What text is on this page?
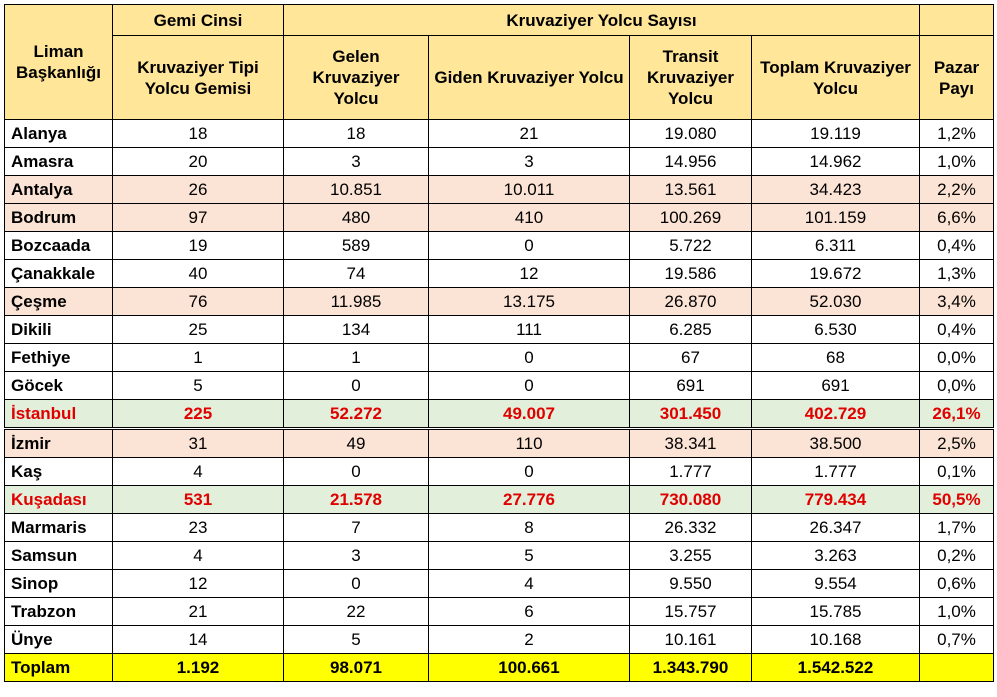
Liman Başkanlığı	Gemi Cinsi	Kruvaziyer Yolcu Sayısı				
	Kruvaziyer Tipi Yolcu Gemisi	Gelen Kruvaziyer Yolcu	Giden Kruvaziyer Yolcu	Transit Kruvaziyer Yolcu	Toplam Kruvaziyer Yolcu	Pazar Payı
Alanya	18	18	21	19.080	19.119	1,2%
Amasra	20	3	3	14.956	14.962	1,0%
Antalya	26	10.851	10.011	13.561	34.423	2,2%
Bodrum	97	480	410	100.269	101.159	6,6%
Bozcaada	19	589	0	5.722	6.311	0,4%
Çanakkale	40	74	12	19.586	19.672	1,3%
Çeşme	76	11.985	13.175	26.870	52.030	3,4%
Dikili	25	134	111	6.285	6.530	0,4%
Fethiye	1	1	0	67	68	0,0%
Göcek	5	0	0	691	691	0,0%
İstanbul	225	52.272	49.007	301.450	402.729	26,1%
İzmir	31	49	110	38.341	38.500	2,5%
Kaş	4	0	0	1.777	1.777	0,1%
Kuşadası	531	21.578	27.776	730.080	779.434	50,5%
Marmaris	23	7	8	26.332	26.347	1,7%
Samsun	4	3	5	3.255	3.263	0,2%
Sinop	12	0	4	9.550	9.554	0,6%
Trabzon	21	22	6	15.757	15.785	1,0%
Ünye	14	5	2	10.161	10.168	0,7%
Toplam	1.192	98.071	100.661	1.343.790	1.542.522	
